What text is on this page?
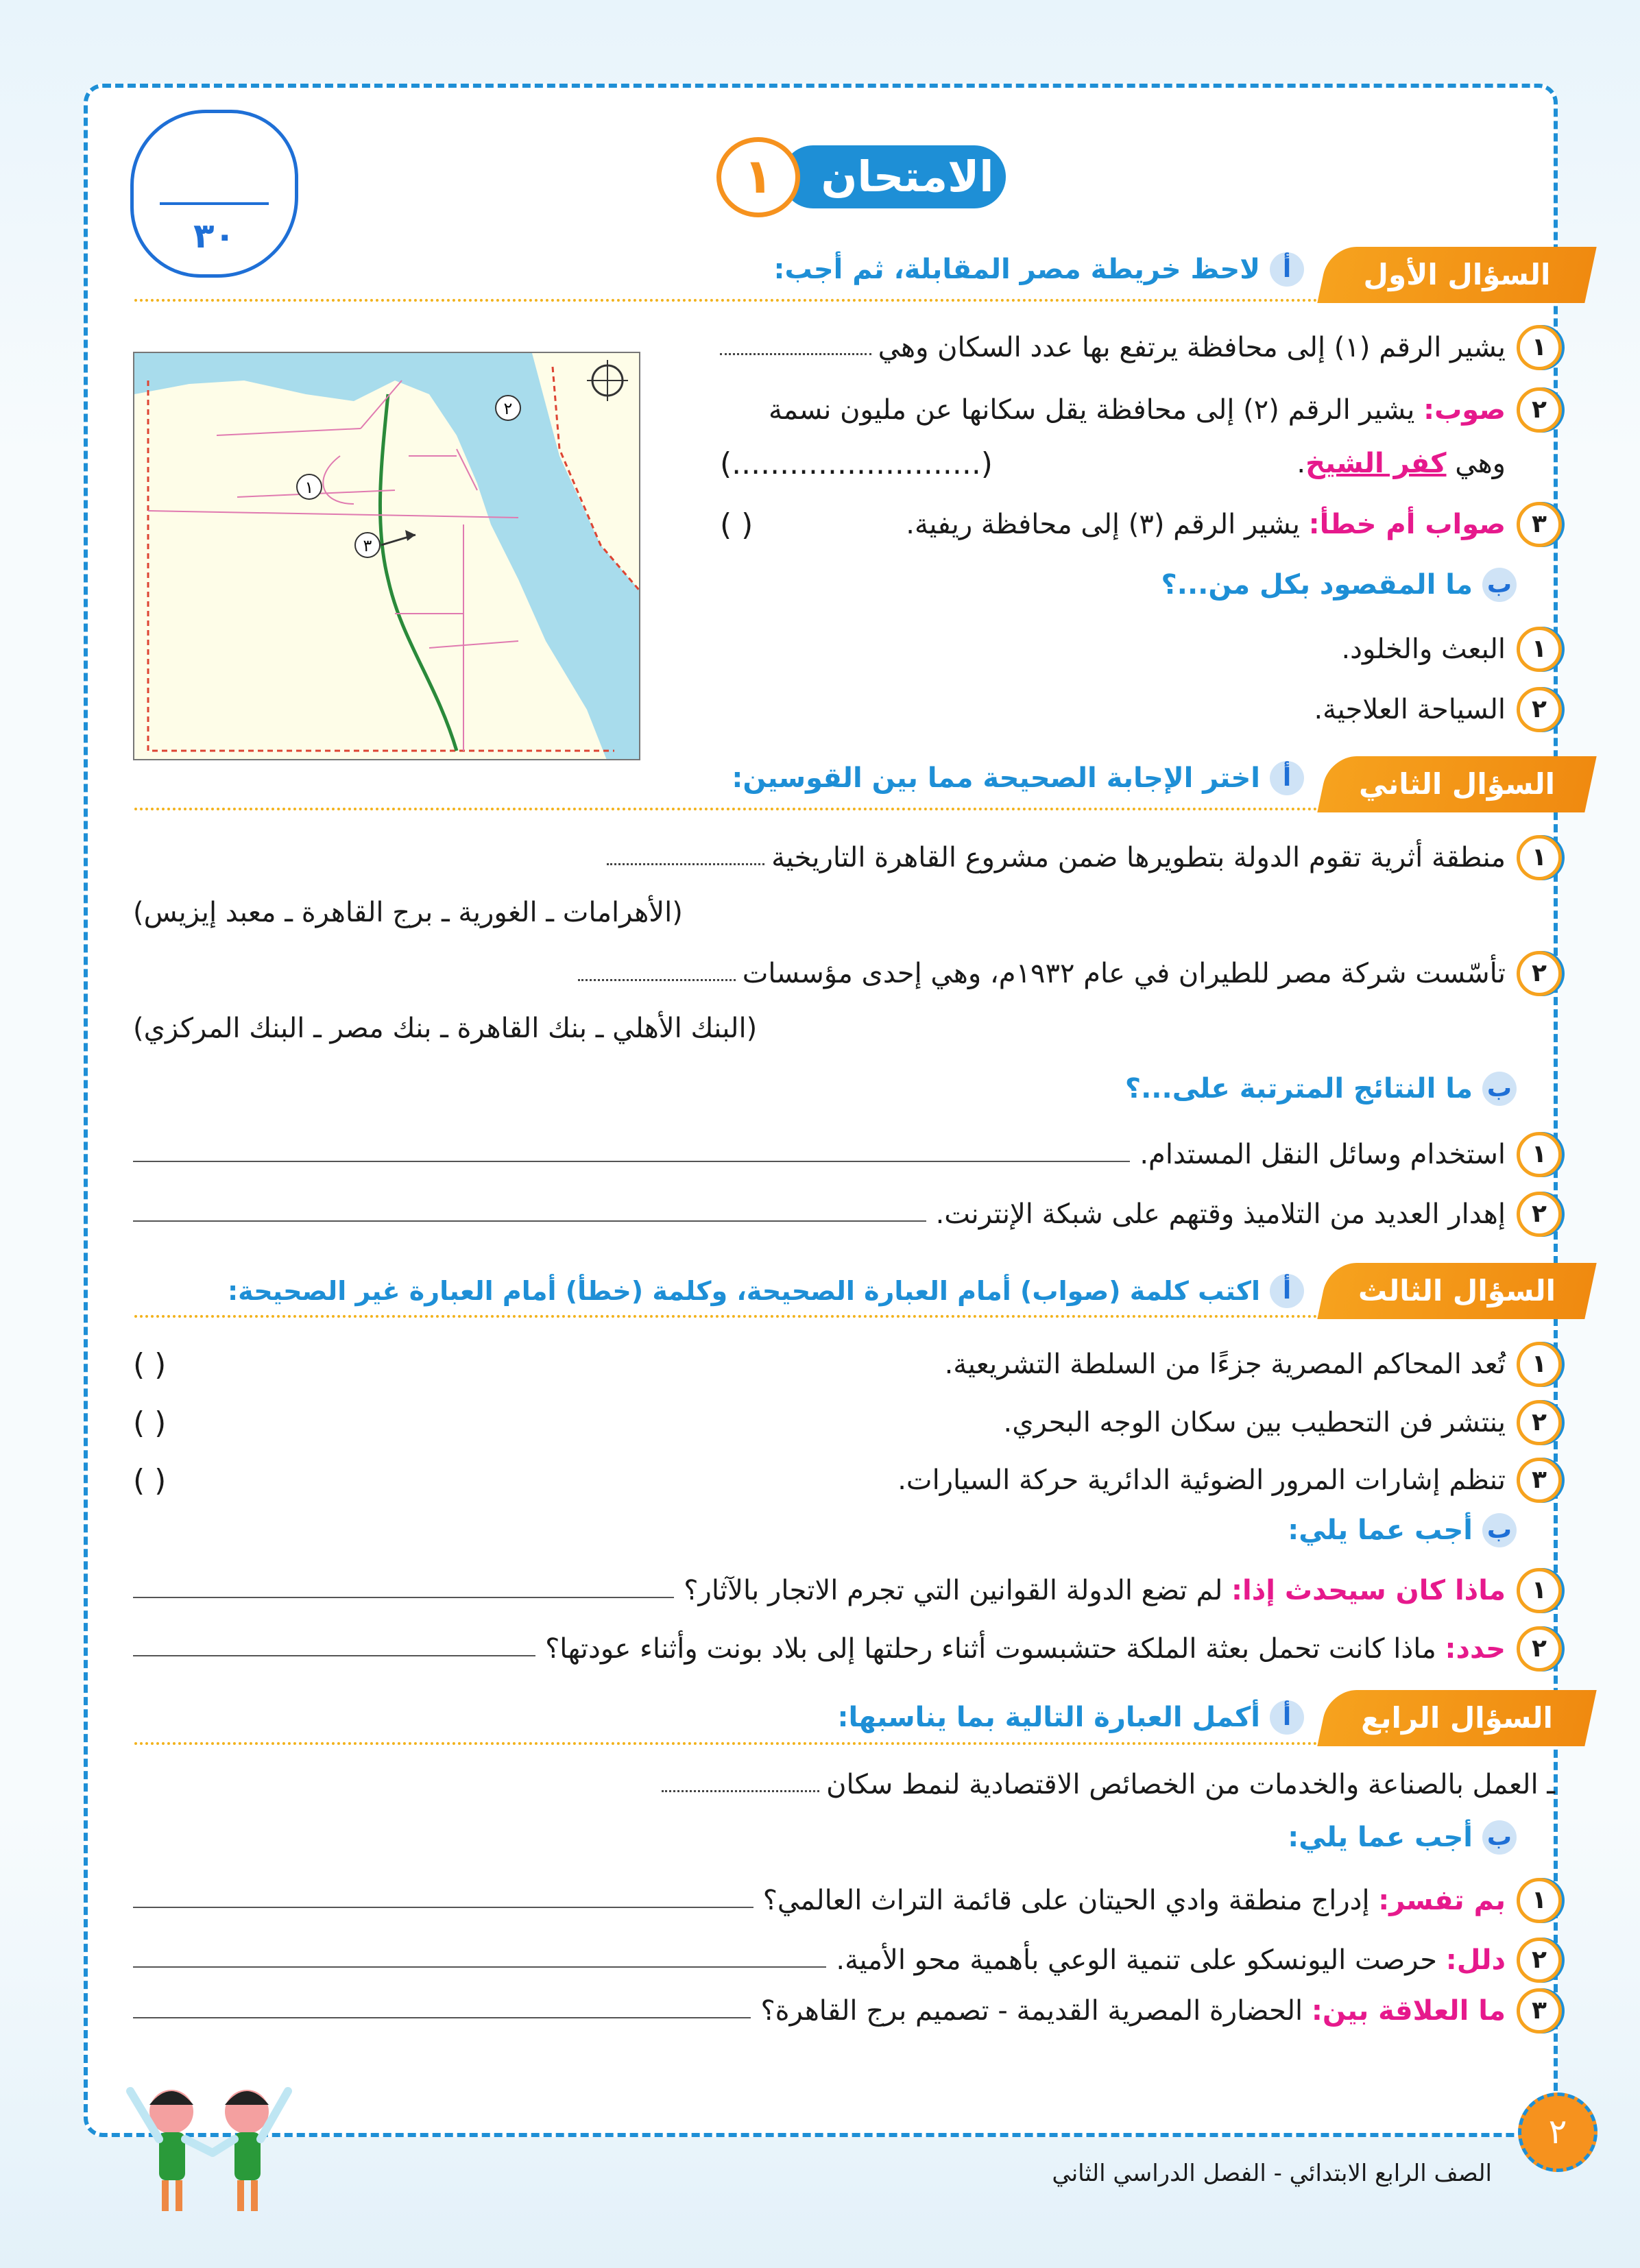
٣٠
الامتحان
١
السؤال الأول
أ
لاحظ خريطة مصر المقابلة، ثم أجب:
١
يشير الرقم (١) إلى محافظة يرتفع بها عدد السكان وهي
٢
صوب:

يشير الرقم (٢) إلى محافظة يقل سكانها عن مليون نسمة
وهي

كفر الشيخ
.
(..........................)
٣
صواب أم خطأ:

يشير الرقم (٣) إلى محافظة ريفية.
( )
ب
ما المقصود بكل من...؟
١
البعث والخلود.
٢
السياحة العلاجية.
١
٢
٣
السؤال الثاني
أ
اختر الإجابة الصحيحة مما بين القوسين:
١
منطقة أثرية تقوم الدولة بتطويرها ضمن مشروع القاهرة التاريخية
(الأهرامات ـ الغورية ـ برج القاهرة ـ معبد إيزيس)
٢
تأسّست شركة مصر للطيران في عام ١٩٣٢م، وهي إحدى مؤسسات
(البنك الأهلي ـ بنك القاهرة ـ بنك مصر ـ البنك المركزي)
ب
ما النتائج المترتبة على...؟
١
استخدام وسائل النقل المستدام.
٢
إهدار العديد من التلاميذ وقتهم على شبكة الإنترنت.
السؤال الثالث
أ
اكتب كلمة (صواب) أمام العبارة الصحيحة، وكلمة (خطأ) أمام العبارة غير الصحيحة:
١
تُعد المحاكم المصرية جزءًا من السلطة التشريعية.
( )
٢
ينتشر فن التحطيب بين سكان الوجه البحري.
( )
٣
تنظم إشارات المرور الضوئية الدائرية حركة السيارات.
( )
ب
أجب عما يلي:
١
ماذا كان سيحدث إذا:

لم تضع الدولة القوانين التي تجرم الاتجار بالآثار؟
٢
حدد:

ماذا كانت تحمل بعثة الملكة حتشبسوت أثناء رحلتها إلى بلاد بونت وأثناء عودتها؟
السؤال الرابع
أ
أكمل العبارة التالية بما يناسبها:
ـ العمل بالصناعة والخدمات من الخصائص الاقتصادية لنمط سكان
ب
أجب عما يلي:
١
بم تفسر:

إدراج منطقة وادي الحيتان على قائمة التراث العالمي؟
٢
دلل:

حرصت اليونسكو على تنمية الوعي بأهمية محو الأمية.
٣
ما العلاقة بين:

الحضارة المصرية القديمة - تصميم برج القاهرة؟
٢
الصف الرابع الابتدائي - الفصل الدراسي الثاني
